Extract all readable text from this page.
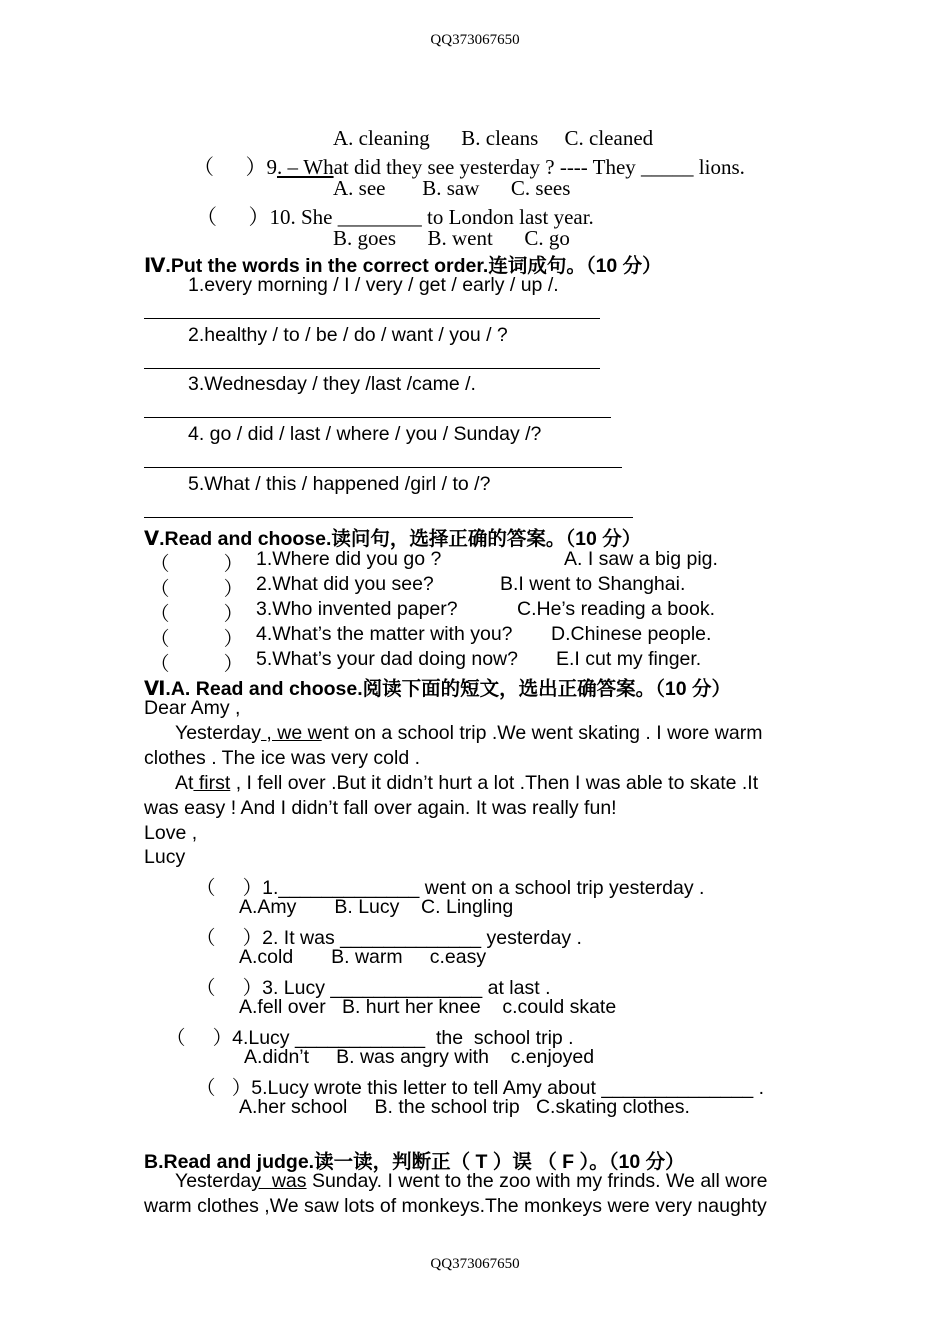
QQ373067650
QQ373067650
A. cleaning      B. cleans     C. cleaned
（      ）9. – What did they see yesterday ? ---- They _____ lions.
A. see       B. saw      C. sees
（      ）10. She ________ to London last year.
B. goes      B. went      C. go
Ⅳ.Put the words in the correct order.连词成句。（10 分）
1.every morning / I / very / get / early / up /.
2.healthy / to / be / do / want / you / ?
3.Wednesday / they /last /came /.
4. go / did / last / where / you / Sunday /?
5.What / this / happened /girl / to /?
Ⅴ.Read and choose.读问句，选择正确的答案。（10 分）
（          ） 1.Where did you go ?	A. I saw a big pig.
（          ） 2.What did you see?	B.I went to Shanghai.
（          ） 3.Who invented paper?	C.He’s reading a book.
（          ） 4.What’s the matter with you? D.Chinese people.
（          ） 5.What’s your dad doing now? E.I cut my finger.
Ⅵ.A. Read and choose.阅读下面的短文，选出正确答案。（10 分）
Dear Amy ,
Yesterday , we went on a school trip .We went skating . I wore warm
clothes . The ice was very cold .
At first , I fell over .But it didn’t hurt a lot .Then I was able to skate .It
was easy ! And I didn’t fall over again. It was really fun!
Love ,
Lucy
（     ）1._____________ went on a school trip yesterday .
A.Amy       B. Lucy    C. Lingling
（     ）2. It was _____________ yesterday .
A.cold       B. warm     c.easy
（     ）3. Lucy ______________ at last .
A.fell over   B. hurt her knee    c.could skate
（     ）4.Lucy ____________  the  school trip .
A.didn’t     B. was angry with    c.enjoyed
（   ）5.Lucy wrote this letter to tell Amy about ______________ .
A.her school     B. the school trip   C.skating clothes.
B.Read and judge.读一读，判断正（ T ）误 （ F ）。（10 分）
Yesterday  was Sunday. I went to the zoo with my frinds. We all wore
warm clothes ,We saw lots of monkeys.The monkeys were very naughty
